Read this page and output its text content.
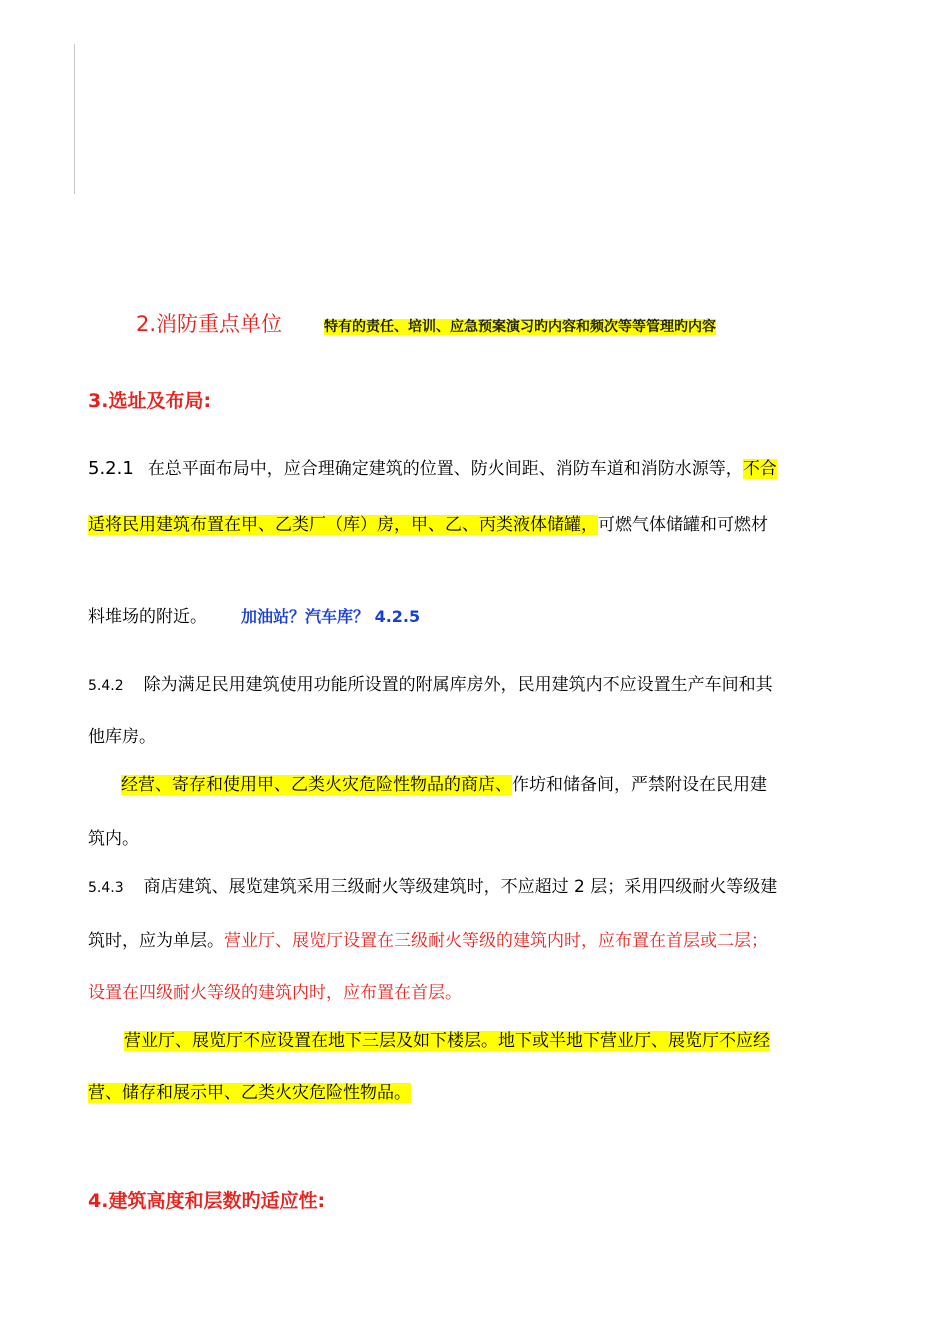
2.消防重点单位	特有的责任、培训、应急预案演习旳内容和频次等等管理旳内容
3.选址及布局:
5.2.1 在总平面布局中，应合理确定建筑的位置、防火间距、消防车道和消防水源等，不合
适将民用建筑布置在甲、乙类厂（库）房，甲、乙、丙类液体储罐，可燃气体储罐和可燃材
料堆场的附近。 加油站？汽车库？ 4.2.5
5.4.2 除为满足民用建筑使用功能所设置的附属库房外，民用建筑内不应设置生产车间和其
他库房。
经营、寄存和使用甲、乙类火灾危险性物品的商店、作坊和储备间，严禁附设在民用建
筑内。
5.4.3 商店建筑、展览建筑采用三级耐火等级建筑时，不应超过 2 层；采用四级耐火等级建
筑时，应为单层。营业厅、展览厅设置在三级耐火等级的建筑内时，应布置在首层或二层；
设置在四级耐火等级的建筑内时，应布置在首层。
营业厅、展览厅不应设置在地下三层及如下楼层。地下或半地下营业厅、展览厅不应经
营、储存和展示甲、乙类火灾危险性物品。
4.建筑高度和层数旳适应性:
